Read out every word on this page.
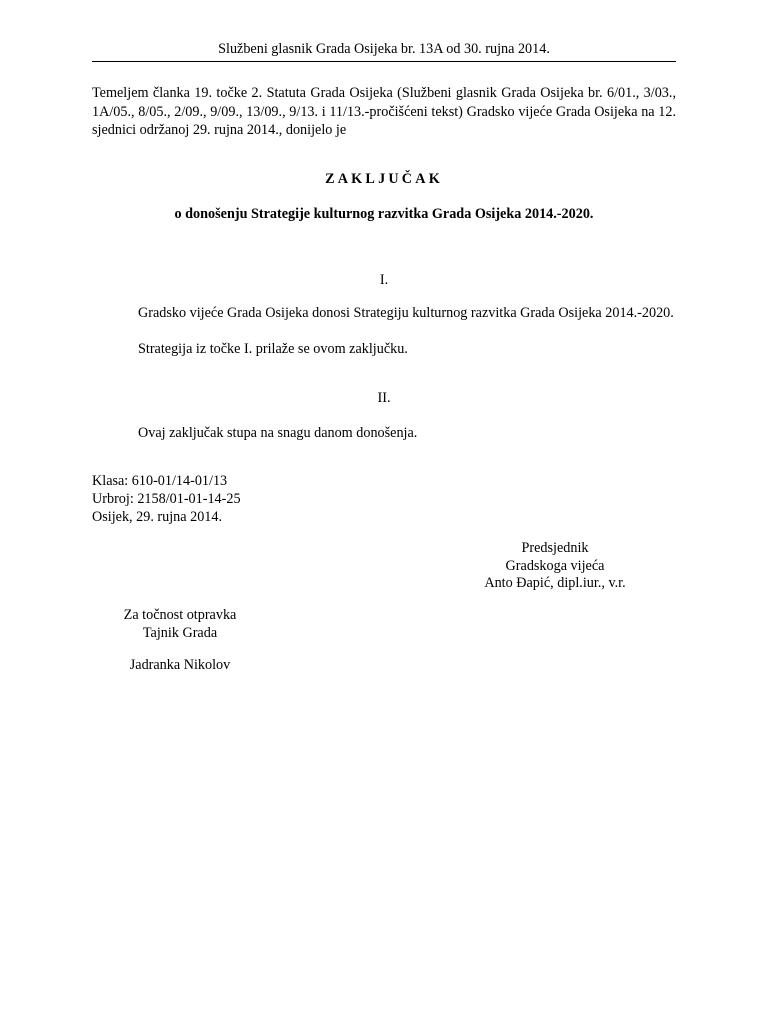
Službeni glasnik Grada Osijeka br. 13A od 30. rujna 2014.

Temeljem članka 19. točke 2. Statuta Grada Osijeka (Službeni glasnik Grada Osijeka br. 6/01., 3/03., 1A/05., 8/05., 2/09., 9/09., 13/09., 9/13. i 11/13.-pročišćeni tekst) Gradsko vijeće Grada Osijeka na 12. sjednici održanoj 29. rujna 2014., donijelo je

ZAKLJUČAK
o donošenju Strategije kulturnog razvitka Grada Osijeka 2014.-2020.
I.

Gradsko vijeće Grada Osijeka donosi Strategiju kulturnog razvitka Grada Osijeka 2014.-2020.

Strategija iz točke I. prilaže se ovom zaključku.

II.

Ovaj zaključak stupa na snagu danom donošenja.

Klasa: 610-01/14-01/13
Urbroj: 2158/01-01-14-25
Osijek, 29. rujna 2014.
Predsjednik
Gradskoga vijeća
Anto Đapić, dipl.iur., v.r.
Za točnost otpravka
Tajnik Grada
Jadranka Nikolov
